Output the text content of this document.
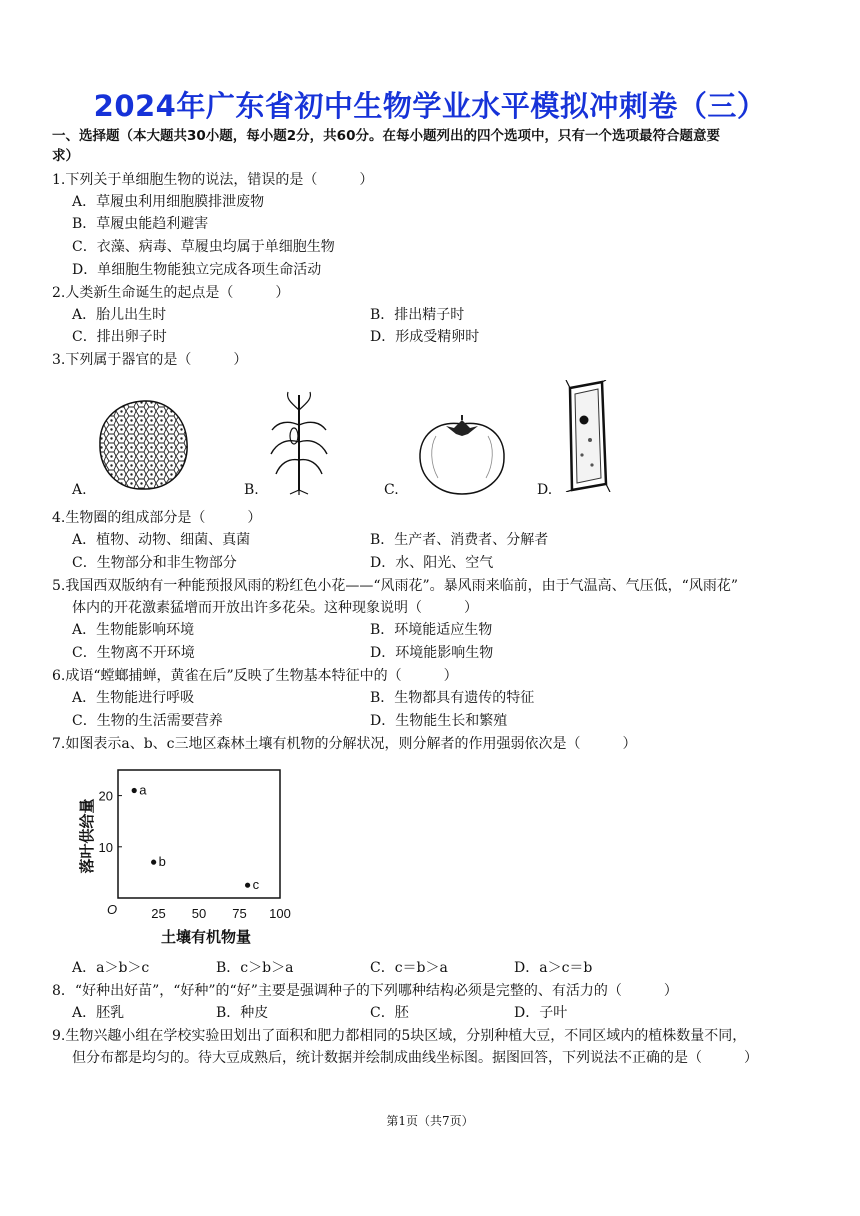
2024年广东省初中生物学业水平模拟冲刺卷（三）
一、选择题（本大题共30小题，每小题2分，共60分。在每小题列出的四个选项中，只有一个选项最符合题意要
求）
1.下列关于单细胞生物的说法，错误的是（　　　）
A．草履虫利用细胞膜排泄废物
B．草履虫能趋利避害
C．衣藻、病毒、草履虫均属于单细胞生物
D．单细胞生物能独立完成各项生命活动
2.人类新生命诞生的起点是（　　　）
A．胎儿出生时	B．排出精子时
C．排出卵子时	D．形成受精卵时
3.下列属于器官的是（　　　）
A.	B.	C.	D.
4.生物圈的组成部分是（　　　）
A．植物、动物、细菌、真菌	B．生产者、消费者、分解者
C．生物部分和非生物部分	D．水、阳光、空气
5.我国西双版纳有一种能预报风雨的粉红色小花——“风雨花”。暴风雨来临前，由于气温高、气压低，“风雨花”
体内的开花激素猛增而开放出许多花朵。这种现象说明（　　　）
A．生物能影响环境	B．环境能适应生物
C．生物离不开环境	D．环境能影响生物
6.成语“螳螂捕蝉，黄雀在后”反映了生物基本特征中的（　　　）
A．生物能进行呼吸	B．生物都具有遗传的特征
C．生物的生活需要营养	D．生物能生长和繁殖
7.如图表示a、b、c三地区森林土壤有机物的分解状况，则分解者的作用强弱依次是（　　　）
O	25 50 75 100
10
20 a
b
c
落叶供给量
土壤有机物量
A．a＞b＞c	B．c＞b＞a	C．c＝b＞a	D．a＞c＝b
8．“好种出好苗”，“好种”的“好”主要是强调种子的下列哪种结构必须是完整的、有活力的（　　　）
A．胚乳	B．种皮	C．胚	D．子叶
9.生物兴趣小组在学校实验田划出了面积和肥力都相同的5块区域，分别种植大豆，不同区域内的植株数量不同，
但分布都是均匀的。待大豆成熟后，统计数据并绘制成曲线坐标图。据图回答，下列说法不正确的是（　　　）
第1页（共7页）
